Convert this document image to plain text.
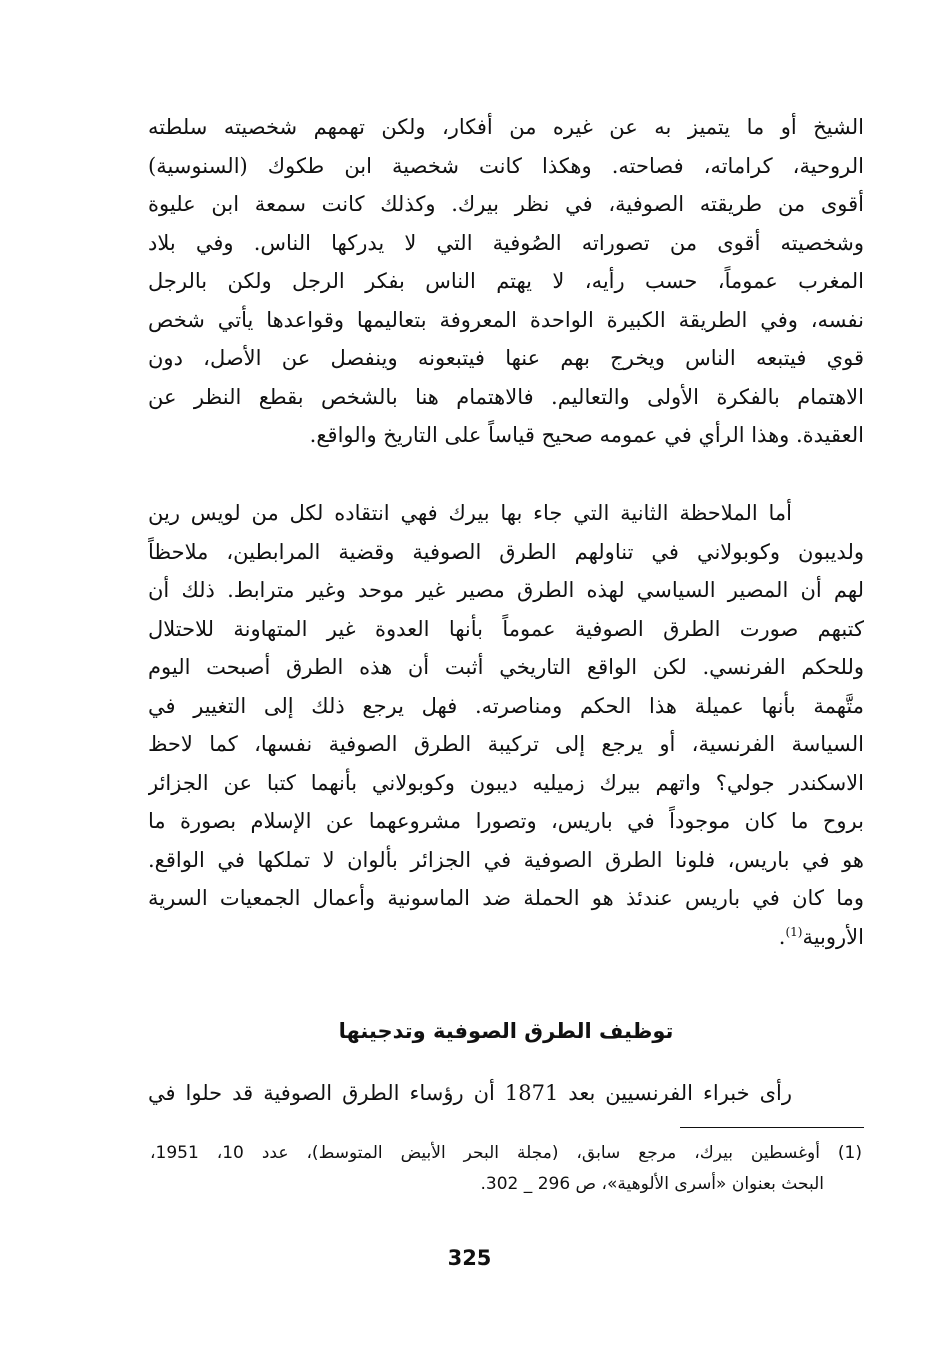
الشيخ أو ما يتميز به عن غيره من أفكار، ولكن تهمهم شخصيته سلطته
الروحية، كراماته، فصاحته. وهكذا كانت شخصية ابن طكوك (السنوسية)
أقوى من طريقته الصوفية، في نظر بيرك. وكذلك كانت سمعة ابن عليوة
وشخصيته أقوى من تصوراته الصُوفية التي لا يدركها الناس. وفي بلاد
المغرب عموماً، حسب رأيه، لا يهتم الناس بفكر الرجل ولكن بالرجل
نفسه، وفي الطريقة الكبيرة الواحدة المعروفة بتعاليمها وقواعدها يأتي شخص
قوي فيتبعه الناس ويخرج بهم عنها فيتبعونه وينفصل عن الأصل، دون
الاهتمام بالفكرة الأولى والتعاليم. فالاهتمام هنا بالشخص بقطع النظر عن
العقيدة. وهذا الرأي في عمومه صحيح قياساً على التاريخ والواقع.
أما الملاحظة الثانية التي جاء بها بيرك فهي انتقاده لكل من لويس رين
ولديبون وكوبولاني في تناولهم الطرق الصوفية وقضية المرابطين، ملاحظاً
لهم أن المصير السياسي لهذه الطرق مصير غير موحد وغير مترابط. ذلك أن
كتبهم صورت الطرق الصوفية عموماً بأنها العدوة غير المتهاونة للاحتلال
وللحكم الفرنسي. لكن الواقع التاريخي أثبت أن هذه الطرق أصبحت اليوم
متَّهمة بأنها عميلة هذا الحكم ومناصرته. فهل يرجع ذلك إلى التغيير في
السياسة الفرنسية، أو يرجع إلى تركيبة الطرق الصوفية نفسها، كما لاحظ
الاسكندر جولي؟ واتهم بيرك زميليه ديبون وكوبولاني بأنهما كتبا عن الجزائر
بروح ما كان موجوداً في باريس، وتصورا مشروعهما عن الإسلام بصورة ما
هو في باريس، فلونا الطرق الصوفية في الجزائر بألوان لا تملكها في الواقع.
وما كان في باريس عندئذ هو الحملة ضد الماسونية وأعمال الجمعيات السرية
الأروبية$^{(1)}$.
توظيف الطرق الصوفية وتدجينها
رأى خبراء الفرنسيين بعد 1871 أن رؤساء الطرق الصوفية قد حلوا في
(1) أوغسطين بيرك، مرجع سابق، (مجلة البحر الأبيض المتوسط)، عدد 10، 1951،
البحث بعنوان «أسرى الألوهية»، ص 296 _ 302.
325
